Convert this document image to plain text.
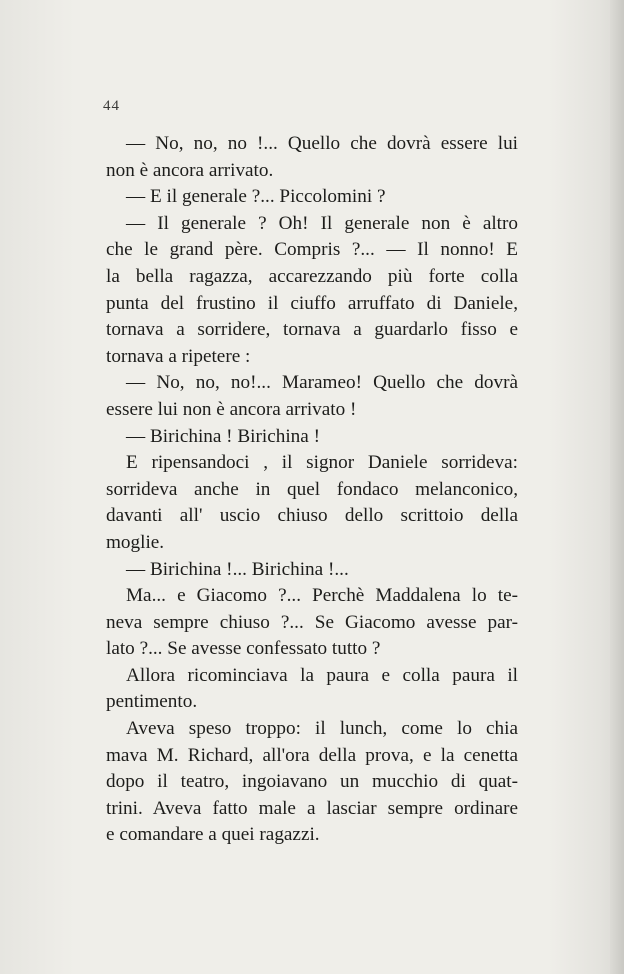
44
— No, no, no !... Quello che dovrà essere lui
non è ancora arrivato.
— E il generale ?... Piccolomini ?
— Il generale ? Oh! Il generale non è altro
che le grand père. Compris ?... — Il nonno! E
la bella ragazza, accarezzando più forte colla
punta del frustino il ciuffo arruffato di Daniele,
tornava a sorridere, tornava a guardarlo fisso e
tornava a ripetere :
— No, no, no!... Marameo! Quello che dovrà
essere lui non è ancora arrivato !
— Birichina ! Birichina !
E ripensandoci , il signor Daniele sorrideva:
sorrideva anche in quel fondaco melanconico,
davanti all' uscio chiuso dello scrittoio della
moglie.
— Birichina !... Birichina !...
Ma... e Giacomo ?... Perchè Maddalena lo te-
neva sempre chiuso ?... Se Giacomo avesse par-
lato ?... Se avesse confessato tutto ?
Allora ricominciava la paura e colla paura il
pentimento.
Aveva speso troppo: il lunch, come lo chia
mava M. Richard, all'ora della prova, e la cenetta
dopo il teatro, ingoiavano un mucchio di quat-
trini. Aveva fatto male a lasciar sempre ordinare
e comandare a quei ragazzi.
